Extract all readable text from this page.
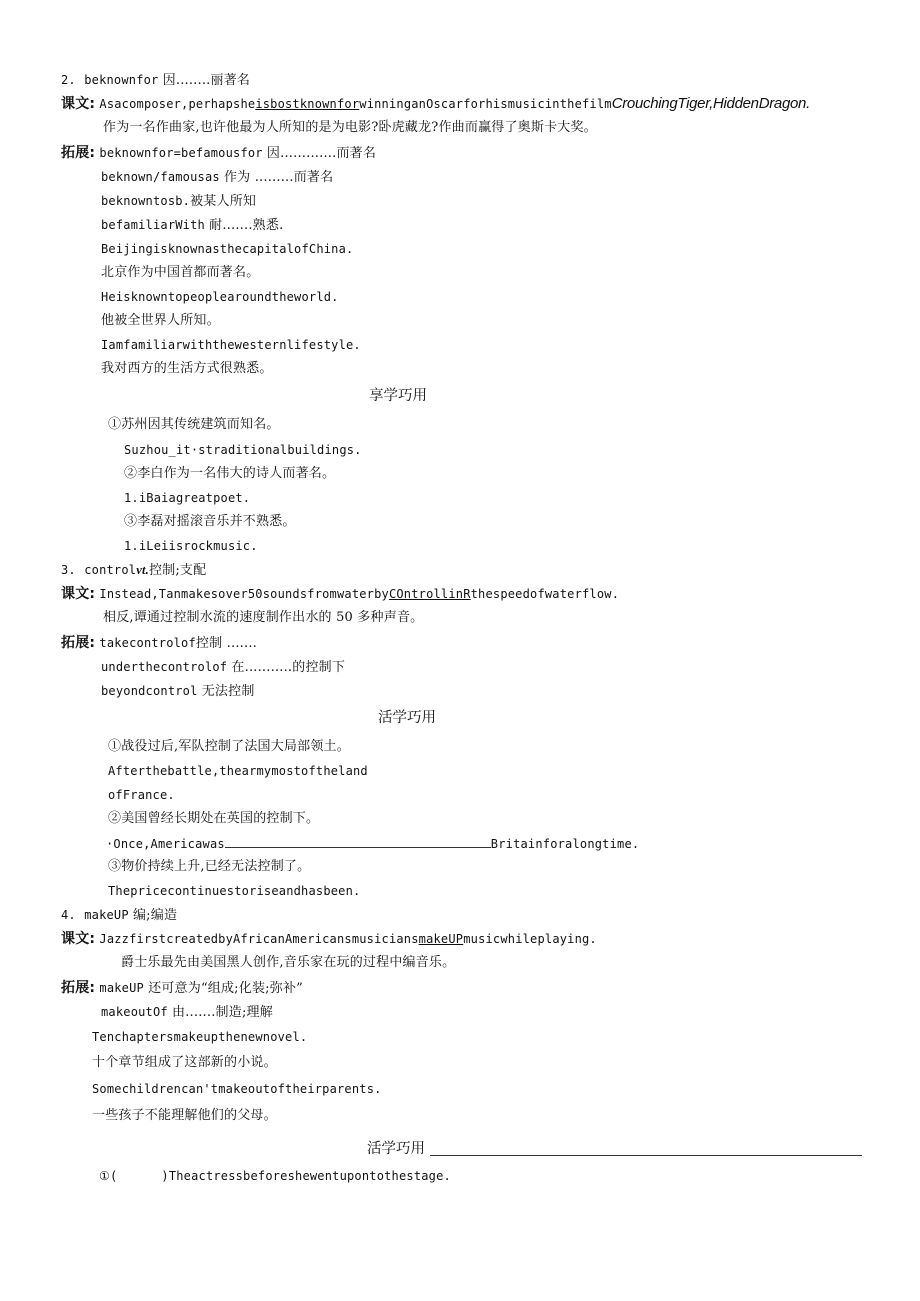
2. beknownfor 因........丽著名
课文: Asacomposer,perhapsheisbostknownforwinninganOscarforhismusicinthefilmCrouchingTiger,HiddenDragon.
作为一名作曲家,也许他最为人所知的是为电影?卧虎藏龙?作曲而赢得了奥斯卡大奖。
拓展: beknownfor=befamousfor 因.............而著名
beknown/famousas 作为 .........而著名
beknowntosb.被某人所知
befamiliarWith 耐.......熟悉.
BeijingisknownasthecapitalofChina.
北京作为中国首都而著名。
Heisknowntopeoplearoundtheworld.
他被全世界人所知。
Iamfamiliarwiththewesternlifestyle.
我对西方的生活方式很熟悉。
享学巧用
①苏州因其传统建筑而知名。
Suzhou_it·straditionalbuildings.
②李白作为一名伟大的诗人而著名。
1.iBaiagreatpoet.
③李磊对摇滚音乐并不熟悉。
1.iLeiisrockmusic.
3. controlvt.控制;支配
课文: Instead,Tanmakesover50soundsfromwaterbyCOntrollinRthespeedofwaterflow.
相反,谭通过控制水流的速度制作出水的 50 多种声音。
拓展: takecontrolof控制 .......
underthecontrolof 在...........的控制下
beyondcontrol 无法控制
活学巧用
①战役过后,军队控制了法国大局部领土。
Afterthebattle,thearmymostoftheland
ofFrance.
②美国曾经长期处在英国的控制下。
·Once,Americawas	Britainforalongtime.
③物价持续上升,已经无法控制了。
Thepricecontinuestoriseandhasbeen.
4. makeUP 编;编造
课文: JazzfirstcreatedbyAfricanAmericansmusiciansmakeUPmusicwhileplaying.
爵士乐最先由美国黑人创作,音乐家在玩的过程中编音乐。
拓展: makeUP 还可意为“组成;化装;弥补”
makeoutOf 由.......制造;理解
Tenchaptersmakeupthenewnovel.
十个章节组成了这部新的小说。
Somechildrencan'tmakeoutoftheirparents.
一些孩子不能理解他们的父母。
活学巧用
①(	)Theactressbeforeshewentupontothestage.
